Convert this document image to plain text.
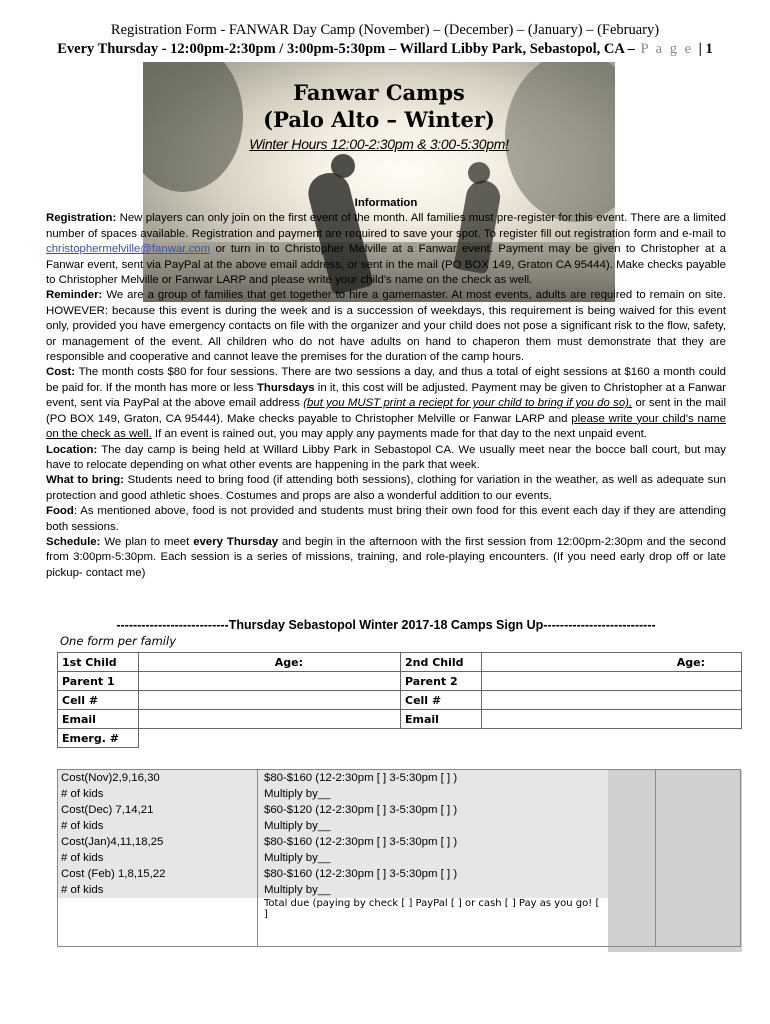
Registration Form - FANWAR Day Camp (November) – (December) – (January) – (February)
Every Thursday - 12:00pm-2:30pm / 3:00pm-5:30pm – Willard Libby Park, Sebastopol, CA – P a g e | 1
Fanwar Camps
(Palo Alto – Winter)
Winter Hours 12:00-2:30pm & 3:00-5:30pm!

Information

Registration: New players can only join on the first event of the month. All families must pre-register for this event. There are a limited number of spaces available. Registration and payment are required to save your spot. To register fill out registration form and e-mail to christophermelville@fanwar.com or turn in to Christopher Melville at a Fanwar event. Payment may be given to Christopher at a Fanwar event, sent via PayPal at the above email address, or sent in the mail (PO BOX 149, Graton CA 95444). Make checks payable to Christopher Melville or Fanwar LARP and please write your child's name on the check as well.

Reminder: We are a group of families that get together to hire a gamemaster. At most events, adults are required to remain on site. HOWEVER: because this event is during the week and is a succession of weekdays, this requirement is being waived for this event only, provided you have emergency contacts on file with the organizer and your child does not pose a significant risk to the flow, safety, or management of the event. All children who do not have adults on hand to chaperon them must demonstrate that they are responsible and cooperative and cannot leave the premises for the duration of the camp hours.

Cost: The month costs $80 for four sessions. There are two sessions a day, and thus a total of eight sessions at $160 a month could be paid for. If the month has more or less Thursdays in it, this cost will be adjusted. Payment may be given to Christopher at a Fanwar event, sent via PayPal at the above email address (but you MUST print a reciept for your child to bring if you do so), or sent in the mail (PO BOX 149, Graton, CA 95444). Make checks payable to Christopher Melville or Fanwar LARP and please write your child's name on the check as well. If an event is rained out, you may apply any payments made for that day to the next unpaid event.

Location: The day camp is being held at Willard Libby Park in Sebastopol CA. We usually meet near the bocce ball court, but may have to relocate depending on what other events are happening in the park that week.

What to bring: Students need to bring food (if attending both sessions), clothing for variation in the weather, as well as adequate sun protection and good athletic shoes. Costumes and props are also a wonderful addition to our events.

Food: As mentioned above, food is not provided and students must bring their own food for this event each day if they are attending both sessions.

Schedule: We plan to meet every Thursday and begin in the afternoon with the first session from 12:00pm-2:30pm and the second from 3:00pm-5:30pm. Each session is a series of missions, training, and role-playing encounters. (If you need early drop off or late pickup- contact me)

---------------------------Thursday Sebastopol Winter 2017-18 Camps Sign Up---------------------------
One form per family
1st Child	Age:		2nd Child	Age:
Parent 1			Parent 2	
Cell #			Cell #	
Email			Email	
Emerg. #				
Cost(Nov)2,9,16,30	$80-$160 (12-2:30pm [ ] 3-5:30pm [ ] )	
# of kids	Multiply by__	
Cost(Dec) 7,14,21	$60-$120 (12-2:30pm [ ] 3-5:30pm [ ] )	
# of kids	Multiply by__	
Cost(Jan)4,11,18,25	$80-$160 (12-2:30pm [ ] 3-5:30pm [ ] )	
# of kids	Multiply by__	
Cost (Feb) 1,8,15,22	$80-$160 (12-2:30pm [ ] 3-5:30pm [ ] )	
# of kids	Multiply by__	
	Total due (paying by check [ ] PayPal [ ] or cash [ ] Pay as you go! [ ]	
